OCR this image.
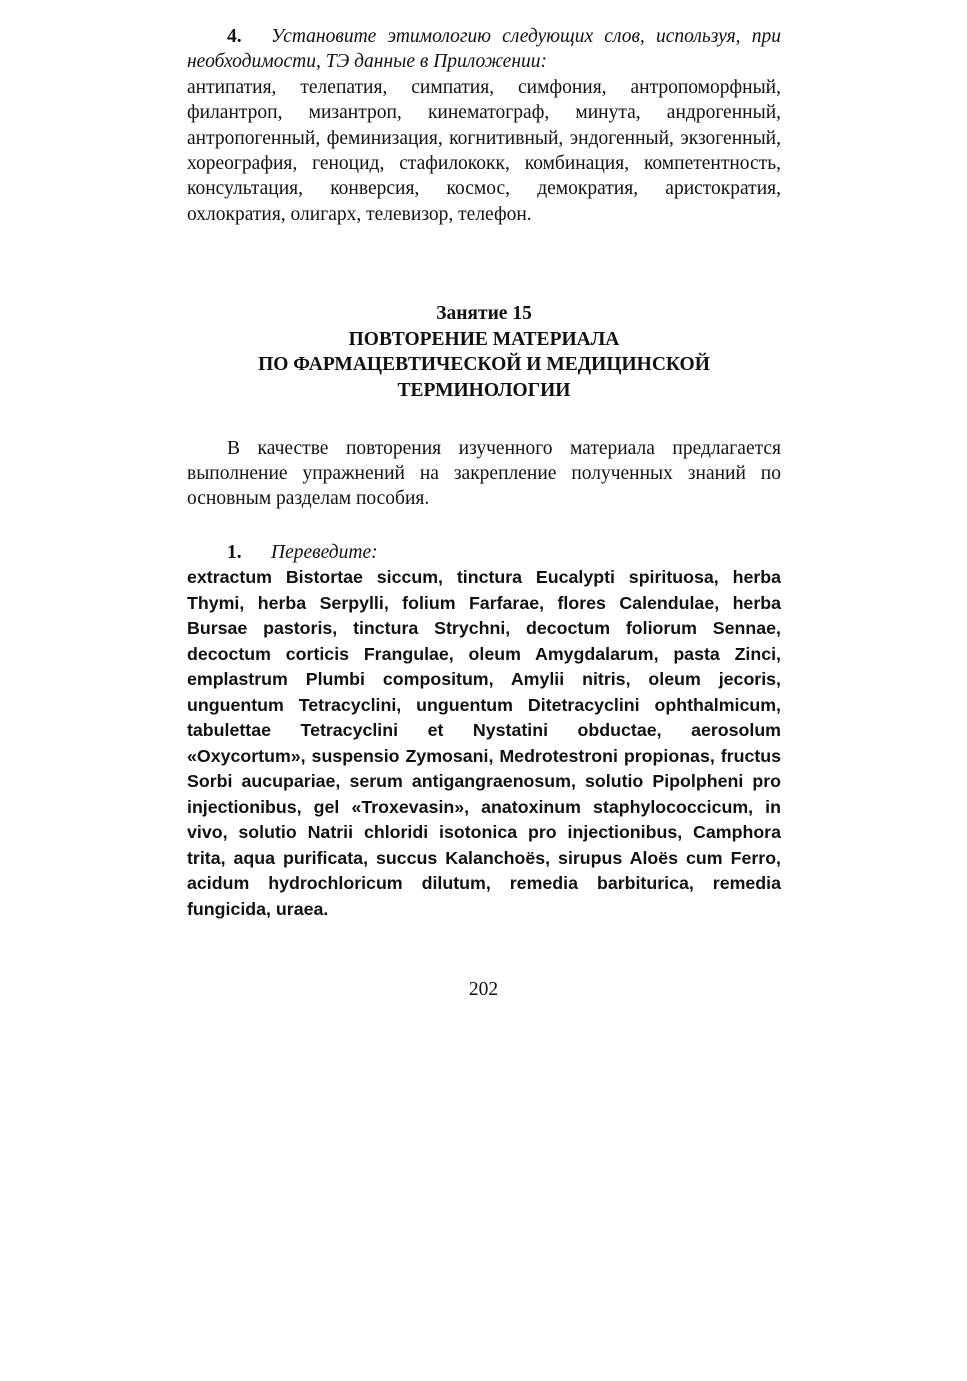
4. Установите этимологию следующих слов, используя, при необходимости, ТЭ данные в Приложении:

антипатия, телепатия, симпатия, симфония, антропоморфный, филантроп, мизантроп, кинематограф, минута, андрогенный, антропогенный, феминизация, когнитивный, эндогенный, экзогенный, хореография, геноцид, стафилококк, комбинация, компетентность, консультация, конверсия, космос, демократия, аристократия, охлократия, олигарх, телевизор, телефон.

Занятие 15
ПОВТОРЕНИЕ МАТЕРИАЛА
ПО ФАРМАЦЕВТИЧЕСКОЙ И МЕДИЦИНСКОЙ
ТЕРМИНОЛОГИИ

В качестве повторения изученного материала предлагается выполнение упражнений на закрепление полученных знаний по основным разделам пособия.

1. Переведите:

extractum Bistortae siccum, tinctura Eucalypti spirituosa, herba Thymi, herba Serpylli, folium Farfarae, flores Calendulae, herba Bursae pastoris, tinctura Strychni, decoctum foliorum Sennae, decoctum corticis Frangulae, oleum Amygdalarum, pasta Zinci, emplastrum Plumbi compositum, Amylii nitris, oleum jecoris, unguentum Tetracyclini, unguentum Ditetracyclini ophthalmicum, tabulettae Tetracyclini et Nystatini obductae, aerosolum «Oxycortum», suspensio Zymosani, Medrotestroni propionas, fructus Sorbi aucupariae, serum antigangraenosum, solutio Pipolpheni pro injectionibus, gel «Troxevasin», anatoxinum staphylococcicum, in vivo, solutio Natrii chloridi isotonica pro injectionibus, Camphora trita, aqua purificata, succus Kalanchoës, sirupus Aloës cum Ferro, acidum hydrochloricum dilutum, remedia barbiturica, remedia fungicida, uraea.

202
